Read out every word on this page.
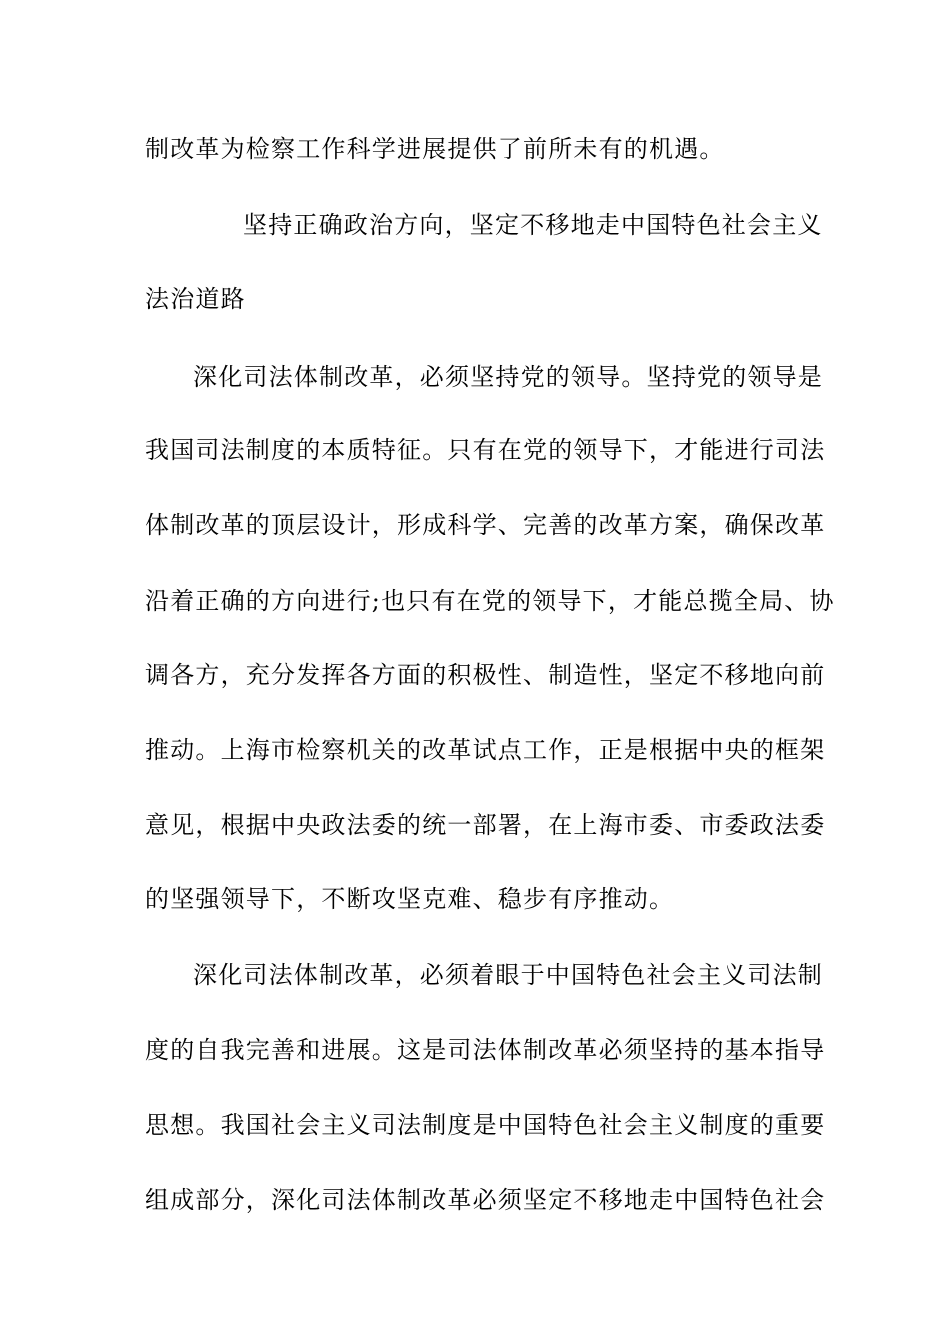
制改革为检察工作科学进展提供了前所未有的机遇。
坚持正确政治方向，坚定不移地走中国特色社会主义
法治道路
深化司法体制改革，必须坚持党的领导。坚持党的领导是
我国司法制度的本质特征。只有在党的领导下，才能进行司法
体制改革的顶层设计，形成科学、完善的改革方案，确保改革
沿着正确的方向进行;也只有在党的领导下，才能总揽全局、协
调各方，充分发挥各方面的积极性、制造性，坚定不移地向前
推动。上海市检察机关的改革试点工作，正是根据中央的框架
意见，根据中央政法委的统一部署，在上海市委、市委政法委
的坚强领导下，不断攻坚克难、稳步有序推动。
深化司法体制改革，必须着眼于中国特色社会主义司法制
度的自我完善和进展。这是司法体制改革必须坚持的基本指导
思想。我国社会主义司法制度是中国特色社会主义制度的重要
组成部分，深化司法体制改革必须坚定不移地走中国特色社会
